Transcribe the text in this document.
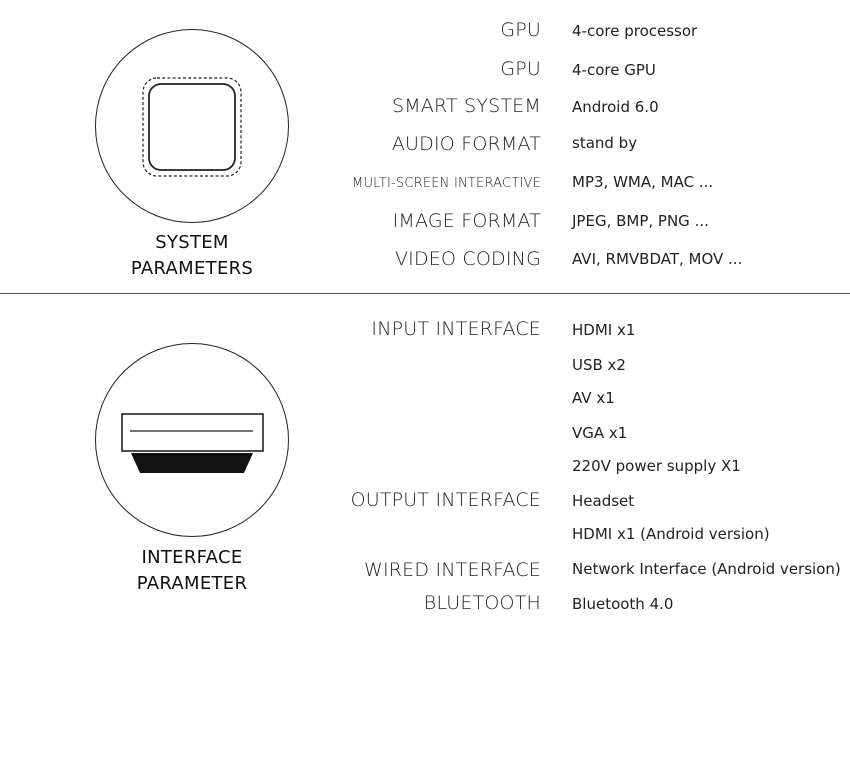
SYSTEM
PARAMETERS
GPU 4-core processor
GPU 4-core GPU
SMART SYSTEM Android 6.0
AUDIO FORMAT stand by
MULTI-SCREEN INTERACTIVE MP3, WMA, MAC ...
IMAGE FORMAT JPEG, BMP, PNG ...
VIDEO CODING AVI, RMVBDAT, MOV ...
INTERFACE
PARAMETER
INPUT INTERFACE
OUTPUT INTERFACE
WIRED INTERFACE
BLUETOOTH
HDMI x1
USB x2
AV x1
VGA x1
220V power supply X1
Headset
HDMI x1 (Android version)
Network Interface (Android version)
Bluetooth 4.0
